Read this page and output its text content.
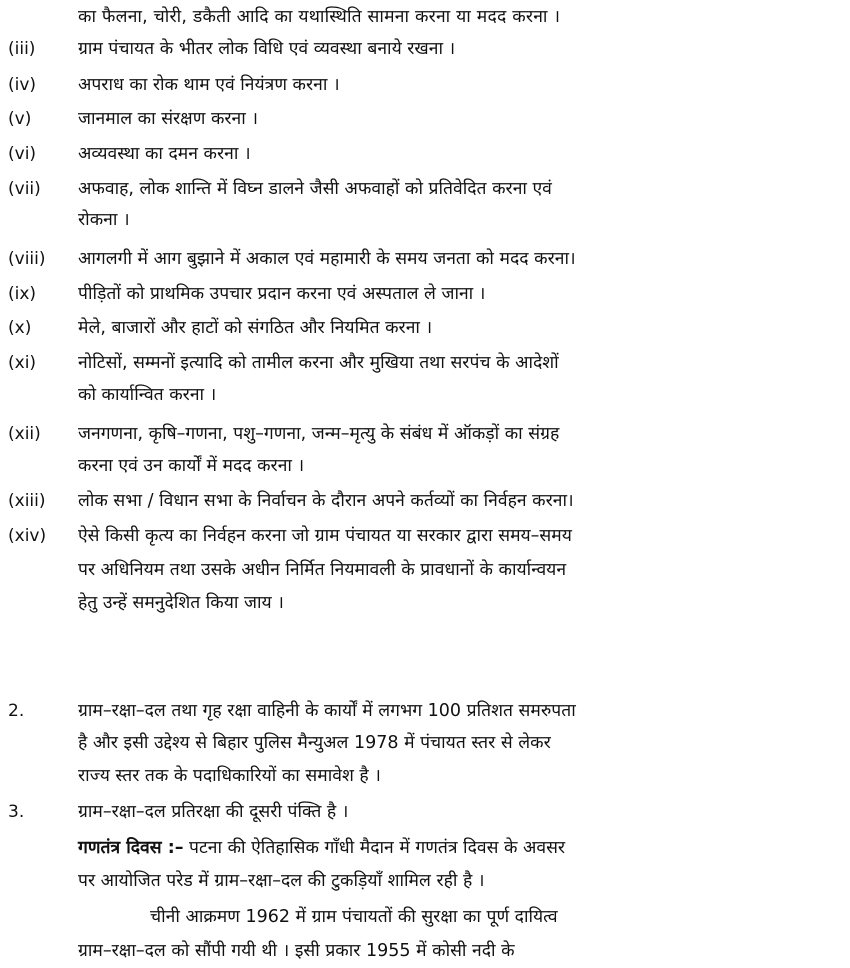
का फैलना, चोरी, डकैती आदि का यथास्थिति सामना करना या मदद करना ।
(iii) ग्राम पंचायत के भीतर लोक विधि एवं व्यवस्था बनाये रखना ।
(iv) अपराध का रोक थाम एवं नियंत्रण करना ।
(v)	जानमाल का संरक्षण करना ।
(vi) अव्यवस्था का दमन करना ।
(vii) अफवाह, लोक शान्ति में विघ्न डालने जैसी अफवाहों को प्रतिवेदित करना एवं
रोकना ।
(viii) आगलगी में आग बुझाने में अकाल एवं महामारी के समय जनता को मदद करना।
(ix) पीड़ितों को प्राथमिक उपचार प्रदान करना एवं अस्पताल ले जाना ।
(x)	मेले, बाजारों और हाटों को संगठित और नियमित करना ।
(xi) नोटिसों, सम्मनों इत्यादि को तामील करना और मुखिया तथा सरपंच के आदेशों
को कार्यान्वित करना ।
(xii) जनगणना, कृषि–गणना, पशु–गणना, जन्म–मृत्यु के संबंध में ऑकड़ों का संग्रह
करना एवं उन कार्यों में मदद करना ।
(xiii) लोक सभा / विधान सभा के निर्वाचन के दौरान अपने कर्तव्यों का निर्वहन करना।
(xiv) ऐसे किसी कृत्य का निर्वहन करना जो ग्राम पंचायत या सरकार द्वारा समय–समय
पर अधिनियम तथा उसके अधीन निर्मित नियमावली के प्रावधानों के कार्यान्वयन
हेतु उन्हें समनुदेशित किया जाय ।
2.	ग्राम–रक्षा–दल तथा गृह रक्षा वाहिनी के कार्यों में लगभग 100 प्रतिशत समरुपता
है और इसी उद्देश्य से बिहार पुलिस मैन्युअल 1978 में पंचायत स्तर से लेकर
राज्य स्तर तक के पदाधिकारियों का समावेश है ।
3.	ग्राम–रक्षा–दल प्रतिरक्षा की दूसरी पंक्ति है ।
गणतंत्र दिवस :– पटना की ऐतिहासिक गाँधी मैदान में गणतंत्र दिवस के अवसर
पर आयोजित परेड में ग्राम–रक्षा–दल की टुकड़ियाँ शामिल रही है ।
चीनी आक्रमण 1962 में ग्राम पंचायतों की सुरक्षा का पूर्ण दायित्व
ग्राम–रक्षा–दल को सौंपी गयी थी । इसी प्रकार 1955 में कोसी नदी के
